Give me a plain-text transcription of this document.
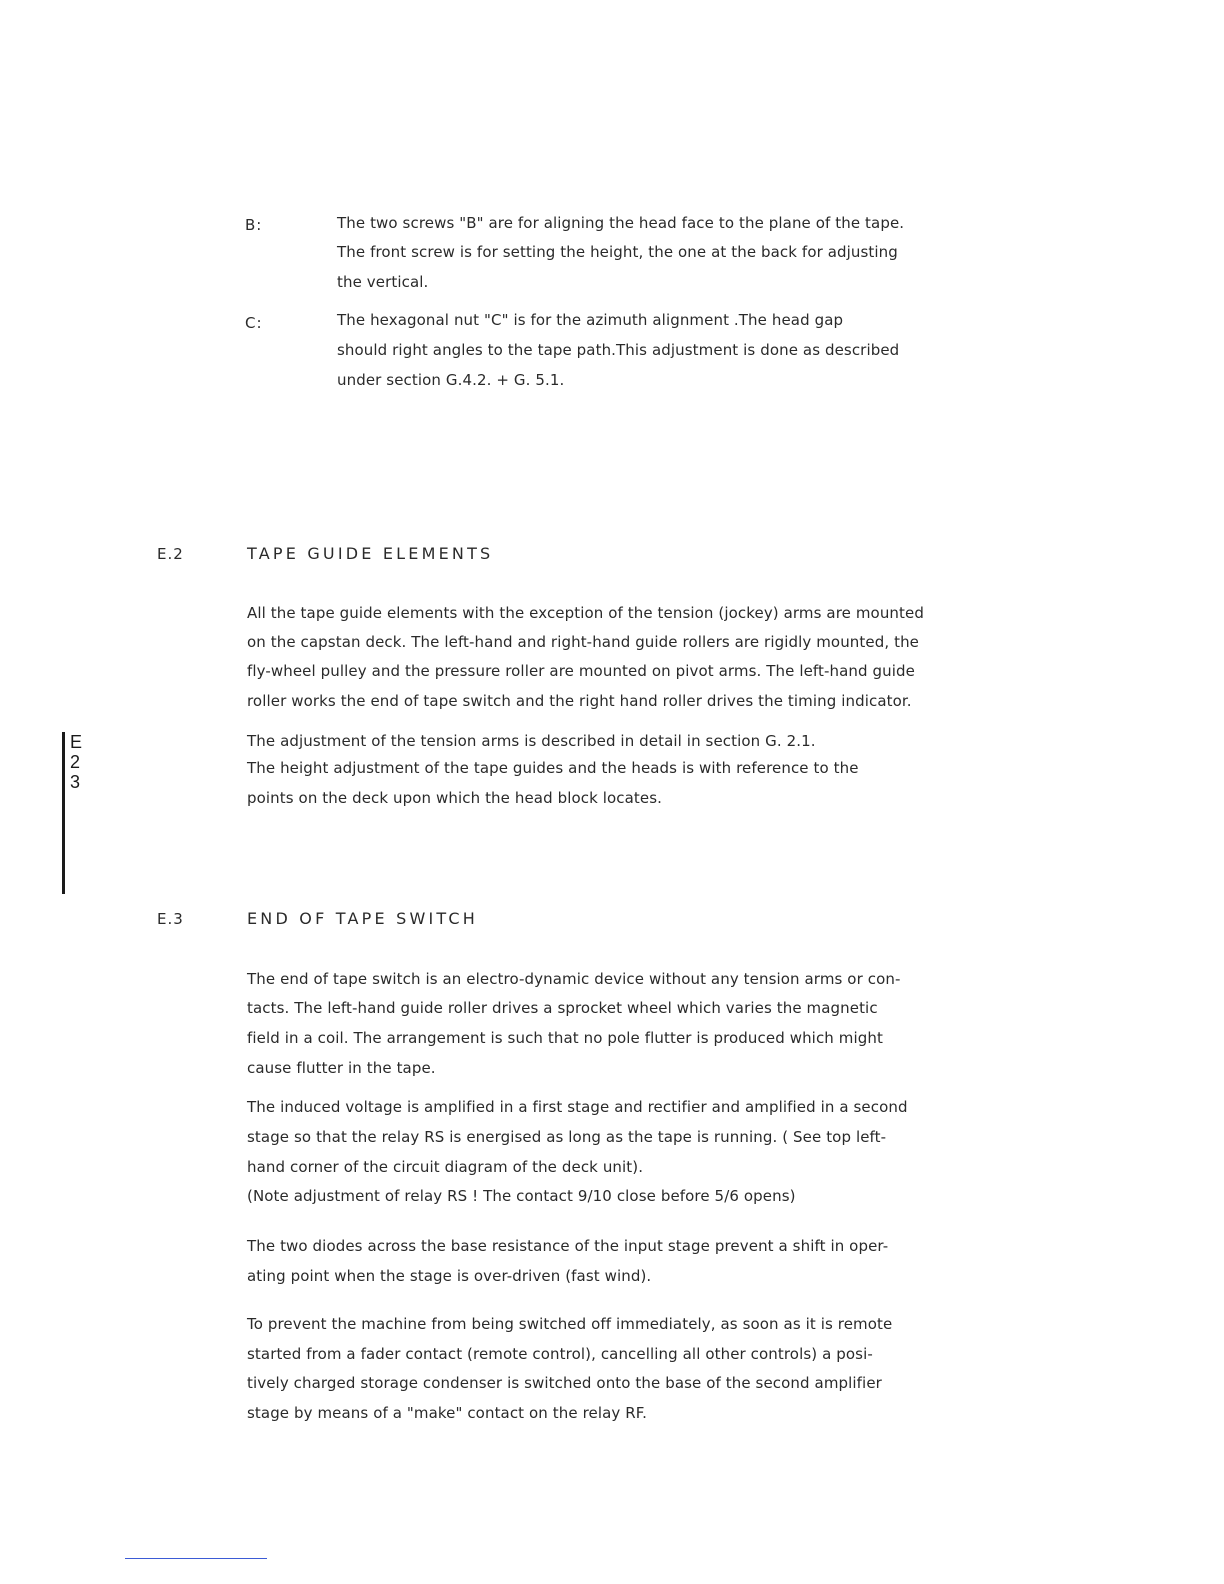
E
2
3
B:	The two screws "B" are for aligning the head face to the plane of the tape.
The front screw is for setting the height, the one at the back for adjusting
the vertical.
C:	The hexagonal nut "C" is for the azimuth alignment .The head gap
should right angles to the tape path.This adjustment is done as described
under section G.4.2. + G. 5.1.
E.2	TAPE GUIDE ELEMENTS
All the tape guide elements with the exception of the tension (jockey) arms are mounted
on the capstan deck. The left-hand and right-hand guide rollers are rigidly mounted, the
fly-wheel pulley and the pressure roller are mounted on pivot arms. The left-hand guide
roller works the end of tape switch and the right hand roller drives the timing indicator.
The adjustment of the tension arms is described in detail in section G. 2.1.
The height adjustment of the tape guides and the heads is with reference to the
points on the deck upon which the head block locates.
E.3	END OF TAPE SWITCH
The end of tape switch is an electro-dynamic device without any tension arms or con-
tacts. The left-hand guide roller drives a sprocket wheel which varies the magnetic
field in a coil. The arrangement is such that no pole flutter is produced which might
cause flutter in the tape.
The induced voltage is amplified in a first stage and rectifier and amplified in a second
stage so that the relay RS is energised as long as the tape is running. ( See top left-
hand corner of the circuit diagram of the deck unit).
(Note adjustment of relay RS ! The contact 9/10 close before 5/6 opens)
The two diodes across the base resistance of the input stage prevent a shift in oper-
ating point when the stage is over-driven (fast wind).
To prevent the machine from being switched off immediately, as soon as it is remote
started from a fader contact (remote control), cancelling all other controls) a posi-
tively charged storage condenser is switched onto the base of the second amplifier
stage by means of a "make" contact on the relay RF.
